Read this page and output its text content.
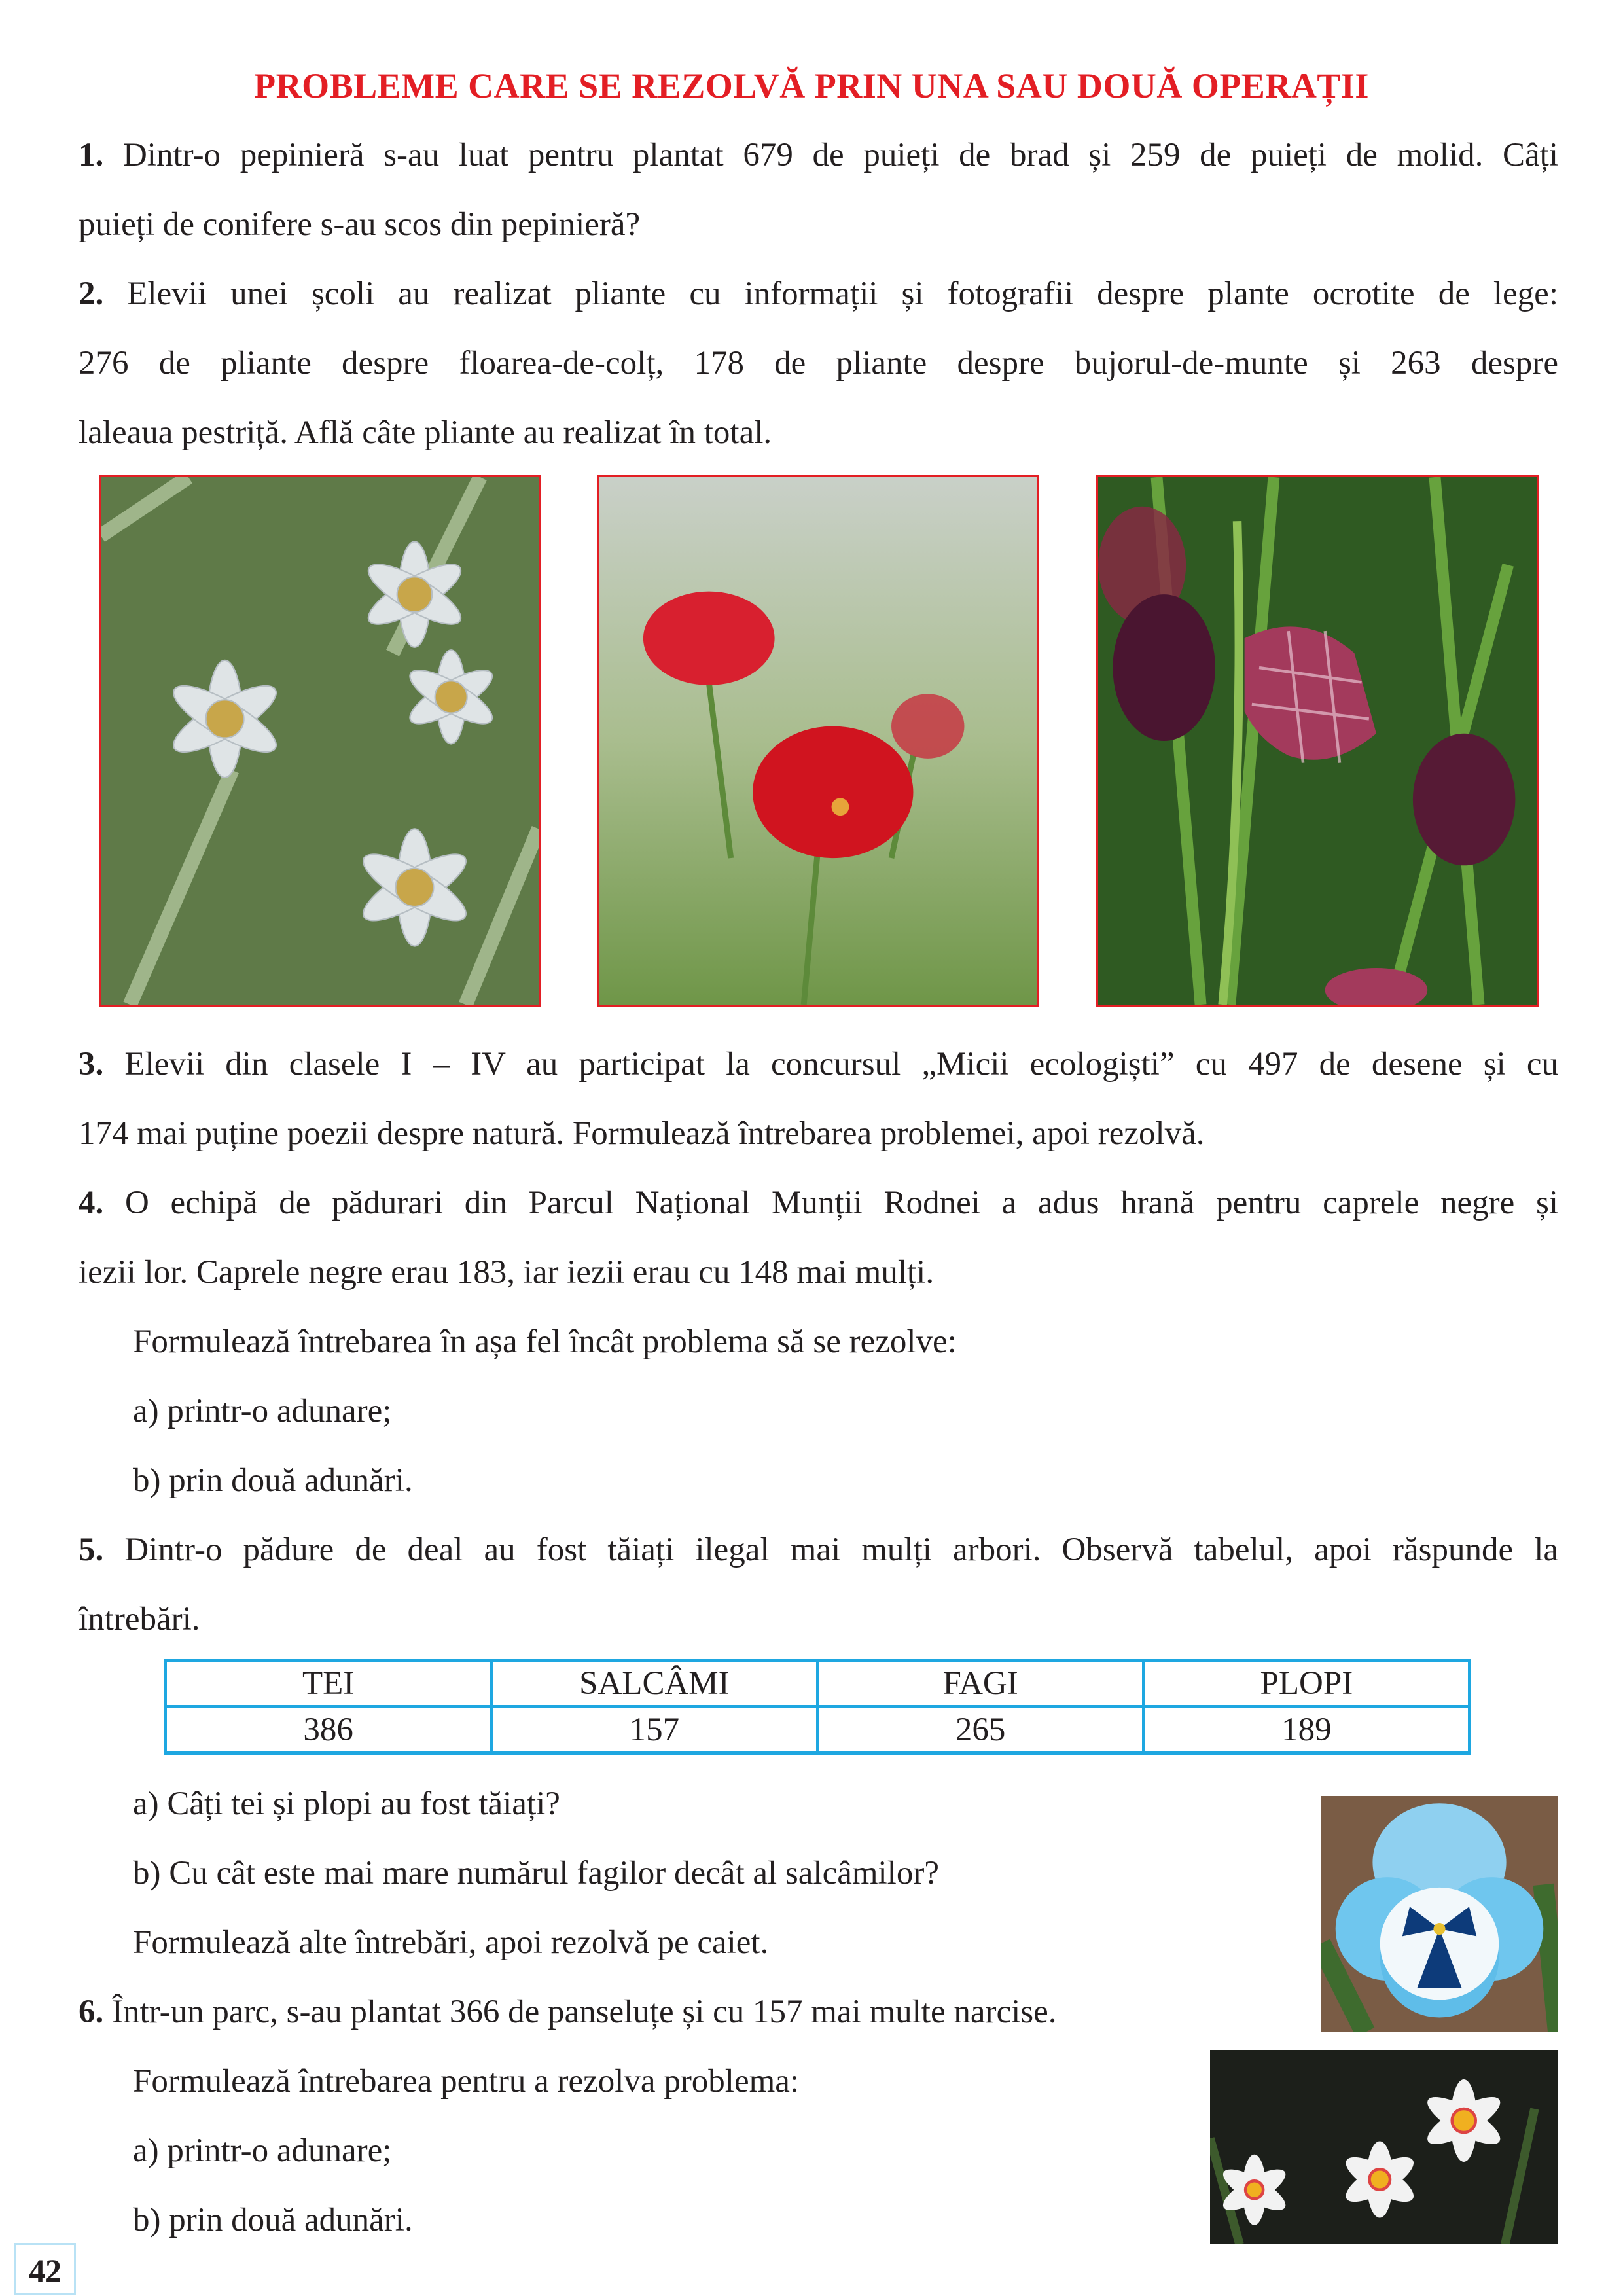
PROBLEME CARE SE REZOLVĂ PRIN UNA SAU DOUĂ OPERAȚII
1. Dintr-o pepinieră s-au luat pentru plantat 679 de puieți de brad și 259 de puieți de molid. Câți
puieți de conifere s-au scos din pepinieră?
2. Elevii unei școli au realizat pliante cu informații și fotografii despre plante ocrotite de lege:
276 de pliante despre floarea-de-colț, 178 de pliante despre bujorul-de-munte și 263 despre
laleaua pestriță. Află câte pliante au realizat în total.
3. Elevii din clasele I – IV au participat la concursul „Micii ecologiști” cu 497 de desene și cu
174 mai puține poezii despre natură. Formulează întrebarea problemei, apoi rezolvă.
4. O echipă de pădurari din Parcul Național Munții Rodnei a adus hrană pentru caprele negre și
iezii lor. Caprele negre erau 183, iar iezii erau cu 148 mai mulți.
Formulează întrebarea în așa fel încât problema să se rezolve:
a) printr-o adunare;
b) prin două adunări.
5. Dintr-o pădure de deal au fost tăiați ilegal mai mulți arbori. Observă tabelul, apoi răspunde la
întrebări.
TEI	SALCÂMI	FAGI	PLOPI
386	157	265	189
a) Câți tei și plopi au fost tăiați?
b) Cu cât este mai mare numărul fagilor decât al salcâmilor?
Formulează alte întrebări, apoi rezolvă pe caiet.
6. Într-un parc, s-au plantat 366 de panseluțe și cu 157 mai multe narcise.
Formulează întrebarea pentru a rezolva problema:
a) printr-o adunare;
b) prin două adunări.
42
